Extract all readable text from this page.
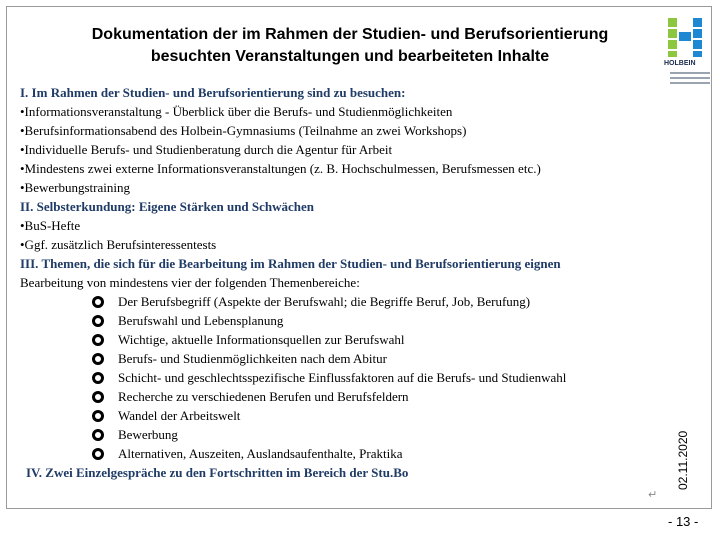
Dokumentation der im Rahmen der Studien- und Berufsorientierung
besuchten Veranstaltungen und bearbeiteten Inhalte	HOLBEIN
I. Im Rahmen der Studien- und Berufsorientierung sind zu besuchen:
•Informationsveranstaltung - Überblick über die Berufs- und Studienmöglichkeiten
•Berufsinformationsabend des Holbein-Gymnasiums (Teilnahme an zwei Workshops)
•Individuelle Berufs- und Studienberatung durch die Agentur für Arbeit
•Mindestens zwei externe Informationsveranstaltungen (z. B. Hochschulmessen, Berufsmessen etc.)
•Bewerbungstraining
II. Selbsterkundung: Eigene Stärken und Schwächen
•BuS-Hefte
•Ggf. zusätzlich Berufsinteressentests
III. Themen, die sich für die Bearbeitung im Rahmen der Studien- und Berufsorientierung eignen
Bearbeitung von mindestens vier der folgenden Themenbereiche:
Der Berufsbegriff (Aspekte der Berufswahl; die Begriffe Beruf, Job, Berufung)
Berufswahl und Lebensplanung
Wichtige, aktuelle Informationsquellen zur Berufswahl
Berufs- und Studienmöglichkeiten nach dem Abitur
Schicht- und geschlechtsspezifische Einflussfaktoren auf die Berufs- und Studienwahl
Recherche zu verschiedenen Berufen und Berufsfeldern
Wandel der Arbeitswelt
Bewerbung
Alternativen, Auszeiten, Auslandsaufenthalte, Praktika
IV. Zwei Einzelgespräche zu den Fortschritten im Bereich der Stu.Bo
↵
02.11.2020
- 13 -
